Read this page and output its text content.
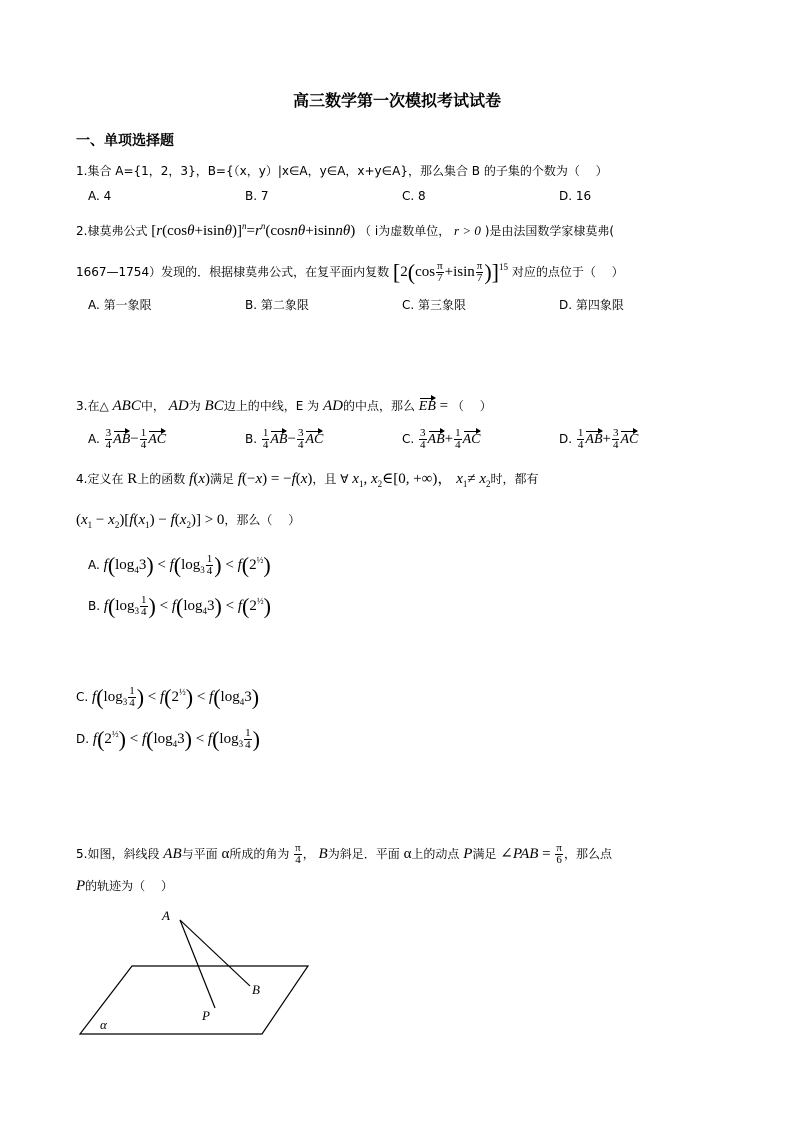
高三数学第一次模拟考试试卷
一、单项选择题
1.集合 A={1，2，3}，B={（x，y）|x∈A，y∈A，x+y∈A}，那么集合 B 的子集的个数为（　 ）
A. 4	B. 7	C. 8	D. 16
2.棣莫弗公式 $[r(\cos\theta+isin\theta)]^n=r^n(\cos n\theta+isinn\theta)$ （ i为虚数单位， r > 0 )是由法国数学家棣莫弗(
1667—1754）发现的．根据棣莫弗公式，在复平面内复数 $[2(\cos \frac{\pi}{7} +isin \frac{\pi}{7} )]^{15}$ 对应的点位于（　 ）
A. 第一象限	B. 第二象限	C. 第三象限	D. 第四象限
3.在△ ABC中， AD为 BC边上的中线，E 为 AD的中点，那么 EB = （　 ）
A. $\frac{3}{4} AB- \frac{1}{4}$ AC	B. $\frac{1}{4} AB- \frac{3}{4}$ AC	C. $\frac{3}{4} AB+ \frac{1}{4}$ AC	D. $\frac{1}{4} AB+ \frac{3}{4}$ AC
4.定义在 R上的函数 f(x)满足 f(−x) = −f(x)，且 ∀ $x_1$, $x_2\in[0$, +∞)， $x_1\ne x_2$时，都有
$(x_1 - x_2)[f(x_1) - f(x_2)] > 0$，那么（　 ）
A. $f(\log_43) < f(\log_3 \frac{1}{4}$ ) < $f(2^{\frac{1}{2}})$
B. $f(\log_3 \frac{1}{4}$ ) < $f(\log_43) < f(2^{\frac{1}{2}})$
C. $f(\log_3 \frac{1}{4}$ ) < $f(2^{\frac{1}{2}}) < f(\log_43)$
D. $f(2^{\frac{1}{2}}) < f(\log_43) < f(\log_3 \frac{1}{4}$ )
5.如图，斜线段 AB与平面 α所成的角为 $\frac{\pi}{4}$ ， B为斜足．平面 α上的动点 P满足 ∠PAB = $\frac{\pi}{6}$ ，那么点
P的轨迹为（　 ）
A
B
P
α
